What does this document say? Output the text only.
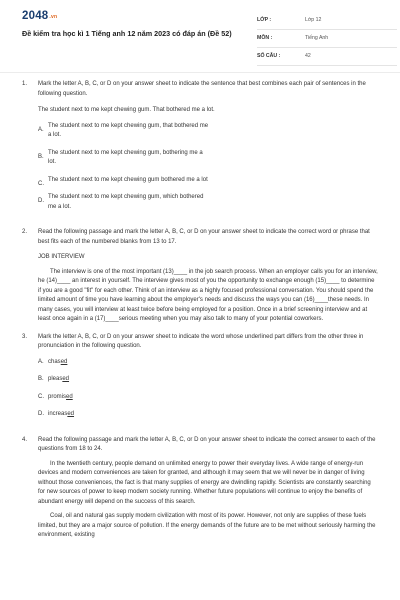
2048.vn
Đề kiểm tra học kì 1 Tiếng anh 12 năm 2023 có đáp án (Đề 52)
LỚP :	Lớp 12
MÔN :	Tiếng Anh
SỐ CÂU :	42
1. Mark the letter A, B, C, or D on your answer sheet to indicate the sentence that best combines each pair of sentences in the following question.
The student next to me kept chewing gum. That bothered me a lot.
A.
The student next to me kept chewing gum, that bothered me a lot.
B.
The student next to me kept chewing gum, bothering me a lot.
C.
The student next to me kept chewing gum bothered me a lot
D.
The student next to me kept chewing gum, which bothered me a lot.
2. Read the following passage and mark the letter A, B, C, or D on your answer sheet to indicate the correct word or phrase that best fits each of the numbered blanks from 13 to 17.
JOB INTERVIEW
The interview is one of the most important (13)____ in the job search process. When an employer calls you for an interview, he (14)____ an interest in yourself. The interview gives most of you the opportunity to exchange enough (15)____ to determine if you are a good "fit" for each other. Think of an interview as a highly focused professional conversation. You should spend the limited amount of time you have learning about the employer's needs and discuss the ways you can (16)____these needs. In many cases, you will interview at least twice before being employed for a position. Once in a brief screening interview and at least once again in a (17)____serious meeting when you may also talk to many of your potential coworkers.
3. Mark the letter A, B, C, or D on your answer sheet to indicate the word whose underlined part differs from the other three in pronunciation in the following question.
A. chased
B. pleased
C. promised
D. increased
4. Read the following passage and mark the letter A, B, C, or D on your answer sheet to indicate the correct answer to each of the questions from 18 to 24.
In the twentieth century, people demand on unlimited energy to power their everyday lives. A wide range of energy-run devices and modern conveniences are taken for granted, and although it may seem that we will never be in danger of living without those conveniences, the fact is that many supplies of energy are dwindling rapidly. Scientists are constantly searching for new sources of power to keep modern society running. Whether future populations will continue to enjoy the benefits of abundant energy will depend on the success of this search.
Coal, oil and natural gas supply modern civilization with most of its power. However, not only are supplies of these fuels limited, but they are a major source of pollution. If the energy demands of the future are to be met without seriously harming the environment, existing
